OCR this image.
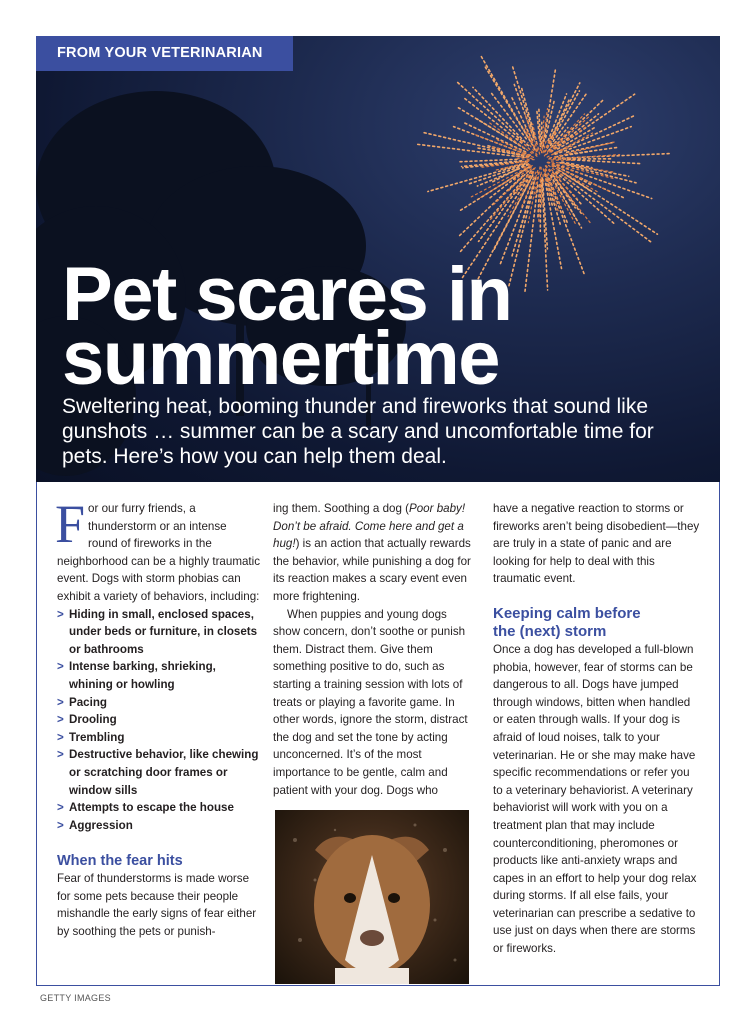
FROM YOUR VETERINARIAN
Pet scares in
summertime

Sweltering heat, booming thunder and fireworks that sound like gunshots … summer can be a scary and uncomfortable time for pets. Here’s how you can help them deal.

F or our furry friends, a
thunderstorm or an intense
round of fireworks in the
neighborhood can be a highly traumatic event. Dogs with storm phobias can exhibit a variety of behaviors, including:

> Hiding in small, enclosed spaces, under beds or furniture, in closets or bathrooms
> Intense barking, shrieking, whining or howling
> Pacing
> Drooling
> Trembling
> Destructive behavior, like chewing or scratching door frames or window sills
> Attempts to escape the house
> Aggression
When the fear hits

Fear of thunderstorms is made worse for some pets because their people mishandle the early signs of fear either by soothing the pets or punish-

ing them. Soothing a dog (Poor baby! Don’t be afraid. Come here and get a hug!) is an action that actually rewards the behavior, while punishing a dog for its reaction makes a scary event even more frightening.

When puppies and young dogs show concern, don’t soothe or punish them. Distract them. Give them something positive to do, such as starting a training session with lots of treats or playing a favorite game. In other words, ignore the storm, distract the dog and set the tone by acting unconcerned. It’s of the most importance to be gentle, calm and patient with your dog. Dogs who

have a negative reaction to storms or fireworks aren’t being disobedient—they are truly in a state of panic and are looking for help to deal with this traumatic event.

Keeping calm before
the (next) storm

Once a dog has developed a full-blown phobia, however, fear of storms can be dangerous to all. Dogs have jumped through windows, bitten when handled or eaten through walls. If your dog is afraid of loud noises, talk to your veterinarian. He or she may make have specific recommendations or refer you to a veterinary behaviorist. A veterinary behaviorist will work with you on a treatment plan that may include counterconditioning, pheromones or products like anti-anxiety wraps and capes in an effort to help your dog relax during storms. If all else fails, your veterinarian can prescribe a sedative to use just on days when there are storms or fireworks.

GETTY IMAGES
